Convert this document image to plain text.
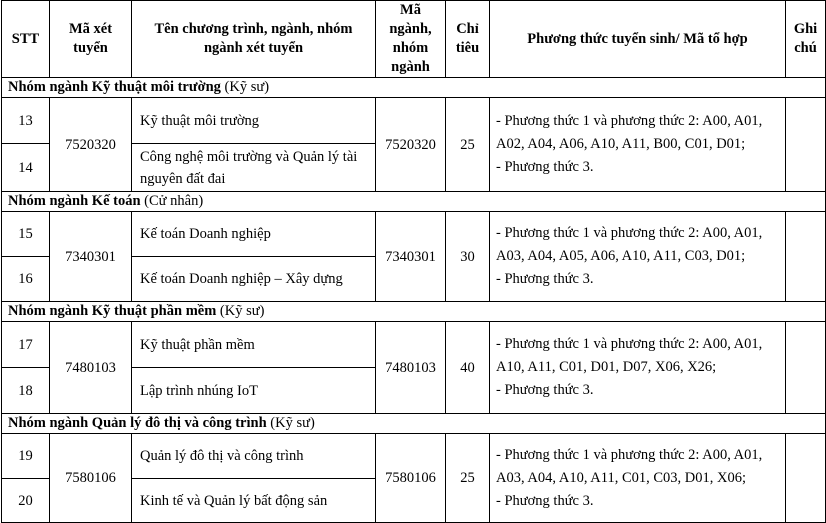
STT	Mã xét tuyển	Tên chương trình, ngành, nhóm ngành xét tuyển	Mã ngành, nhóm ngành	Chỉ tiêu	Phương thức tuyển sinh/ Mã tổ hợp	Ghi chú
Nhóm ngành Kỹ thuật môi trường (Kỹ sư)						
13	7520320	Kỹ thuật môi trường	7520320	25	- Phương thức 1 và phương thức 2: A00, A01, A02, A04, A06, A10, A11, B00, C01, D01;
- Phương thức 3.	

14		Công nghệ môi trường và Quản lý tài nguyên đất đai				
Nhóm ngành Kế toán (Cử nhân)						
15	7340301	Kế toán Doanh nghiệp	7340301	30	- Phương thức 1 và phương thức 2: A00, A01, A03, A04, A05, A06, A10, A11, C03, D01;
- Phương thức 3.	

16		Kế toán Doanh nghiệp – Xây dựng				
Nhóm ngành Kỹ thuật phần mềm (Kỹ sư)						
17	7480103	Kỹ thuật phần mềm	7480103	40	- Phương thức 1 và phương thức 2: A00, A01, A10, A11, C01, D01, D07, X06, X26;
- Phương thức 3.	

18		Lập trình nhúng IoT				
Nhóm ngành Quản lý đô thị và công trình (Kỹ sư)						
19	7580106	Quản lý đô thị và công trình	7580106	25	- Phương thức 1 và phương thức 2: A00, A01, A03, A04, A10, A11, C01, C03, D01, X06;
- Phương thức 3.	

20		Kinh tế và Quản lý bất động sản				
